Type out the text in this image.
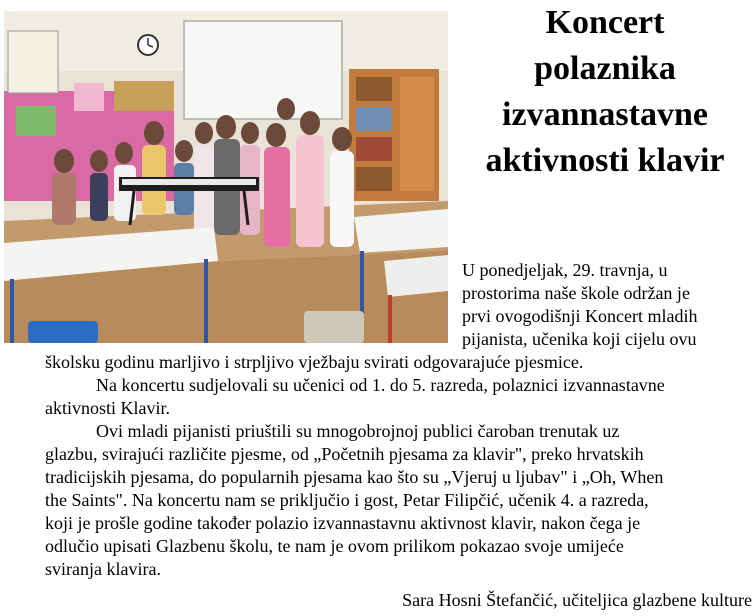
Koncert
polaznika
izvannastavne
aktivnosti klavir

U ponedjeljak, 29. travnja, u
prostorima naše škole održan je
prvi ovogodišnji Koncert mladih
pijanista, učenika koji cijelu ovu

školsku godinu marljivo i strpljivo vježbaju svirati odgovarajuće pjesmice.
Na koncertu sudjelovali su učenici od 1. do 5. razreda, polaznici izvannastavne
aktivnosti Klavir.
Ovi mladi pijanisti priuštili su mnogobrojnoj publici čaroban trenutak uz
glazbu, svirajući različite pjesme, od „Početnih pjesama za klavir", preko hrvatskih
tradicijskih pjesama, do popularnih pjesama kao što su „Vjeruj u ljubav" i „Oh, When
the Saints". Na koncertu nam se priključio i gost, Petar Filipčić, učenik 4. a razreda,
koji je prošle godine također polazio izvannastavnu aktivnost klavir, nakon čega je
odlučio upisati Glazbenu školu, te nam je ovom prilikom pokazao svoje umijeće
sviranja klavira.
Sara Hosni Štefančić, učiteljica glazbene kulture
